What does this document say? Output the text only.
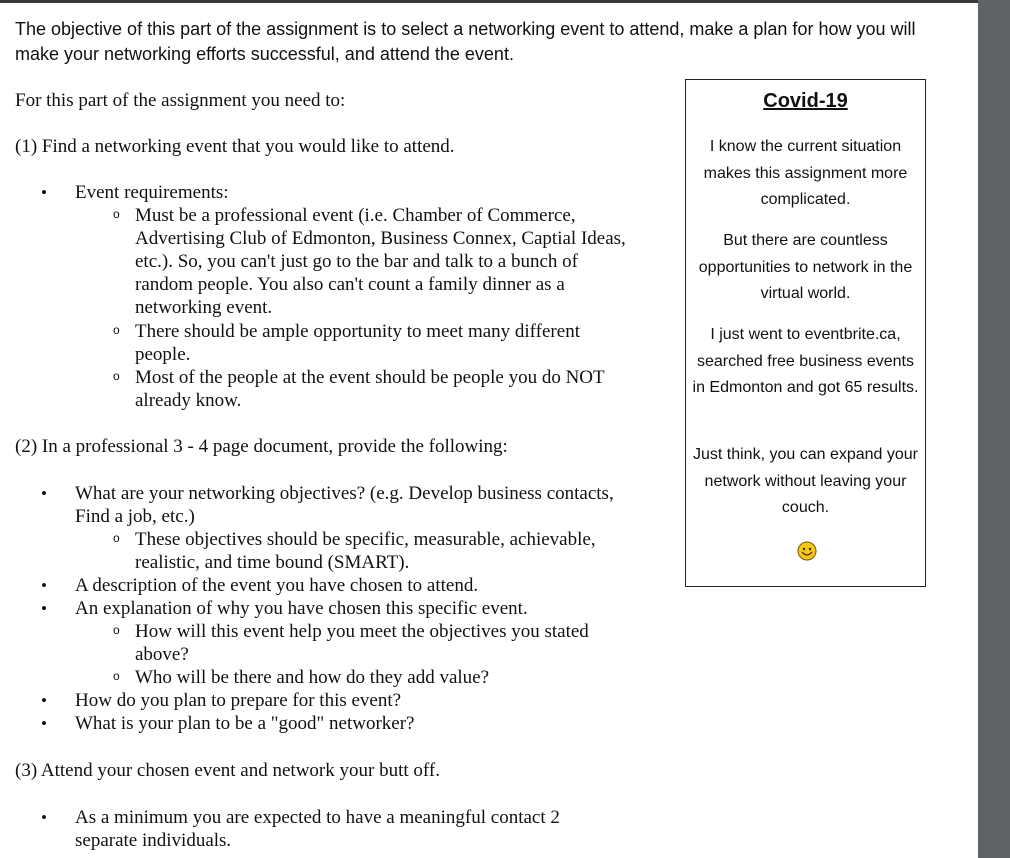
The objective of this part of the assignment is to select a networking event to attend, make a plan for how you will make your networking efforts successful, and attend the event.
For this part of the assignment you need to:
(1) Find a networking event that you would like to attend.
• Event requirements:
o Must be a professional event (i.e. Chamber of Commerce,
Advertising Club of Edmonton, Business Connex, Captial Ideas,
etc.). So, you can't just go to the bar and talk to a bunch of
random people. You also can't count a family dinner as a
networking event.
o There should be ample opportunity to meet many different
people.
o Most of the people at the event should be people you do NOT
already know.
(2) In a professional 3 - 4 page document, provide the following:
• What are your networking objectives? (e.g. Develop business contacts,
Find a job, etc.)
o These objectives should be specific, measurable, achievable,
realistic, and time bound (SMART).
• A description of the event you have chosen to attend.
• An explanation of why you have chosen this specific event.
o How will this event help you meet the objectives you stated
above?
o Who will be there and how do they add value?
• How do you plan to prepare for this event?
• What is your plan to be a "good" networker?
(3) Attend your chosen event and network your butt off.
• As a minimum you are expected to have a meaningful contact 2
separate individuals.
Covid-19
I know the current situation makes this assignment more complicated.
But there are countless opportunities to network in the virtual world.
I just went to eventbrite.ca, searched free business events in Edmonton and got 65 results.
Just think, you can expand your network without leaving your couch.
